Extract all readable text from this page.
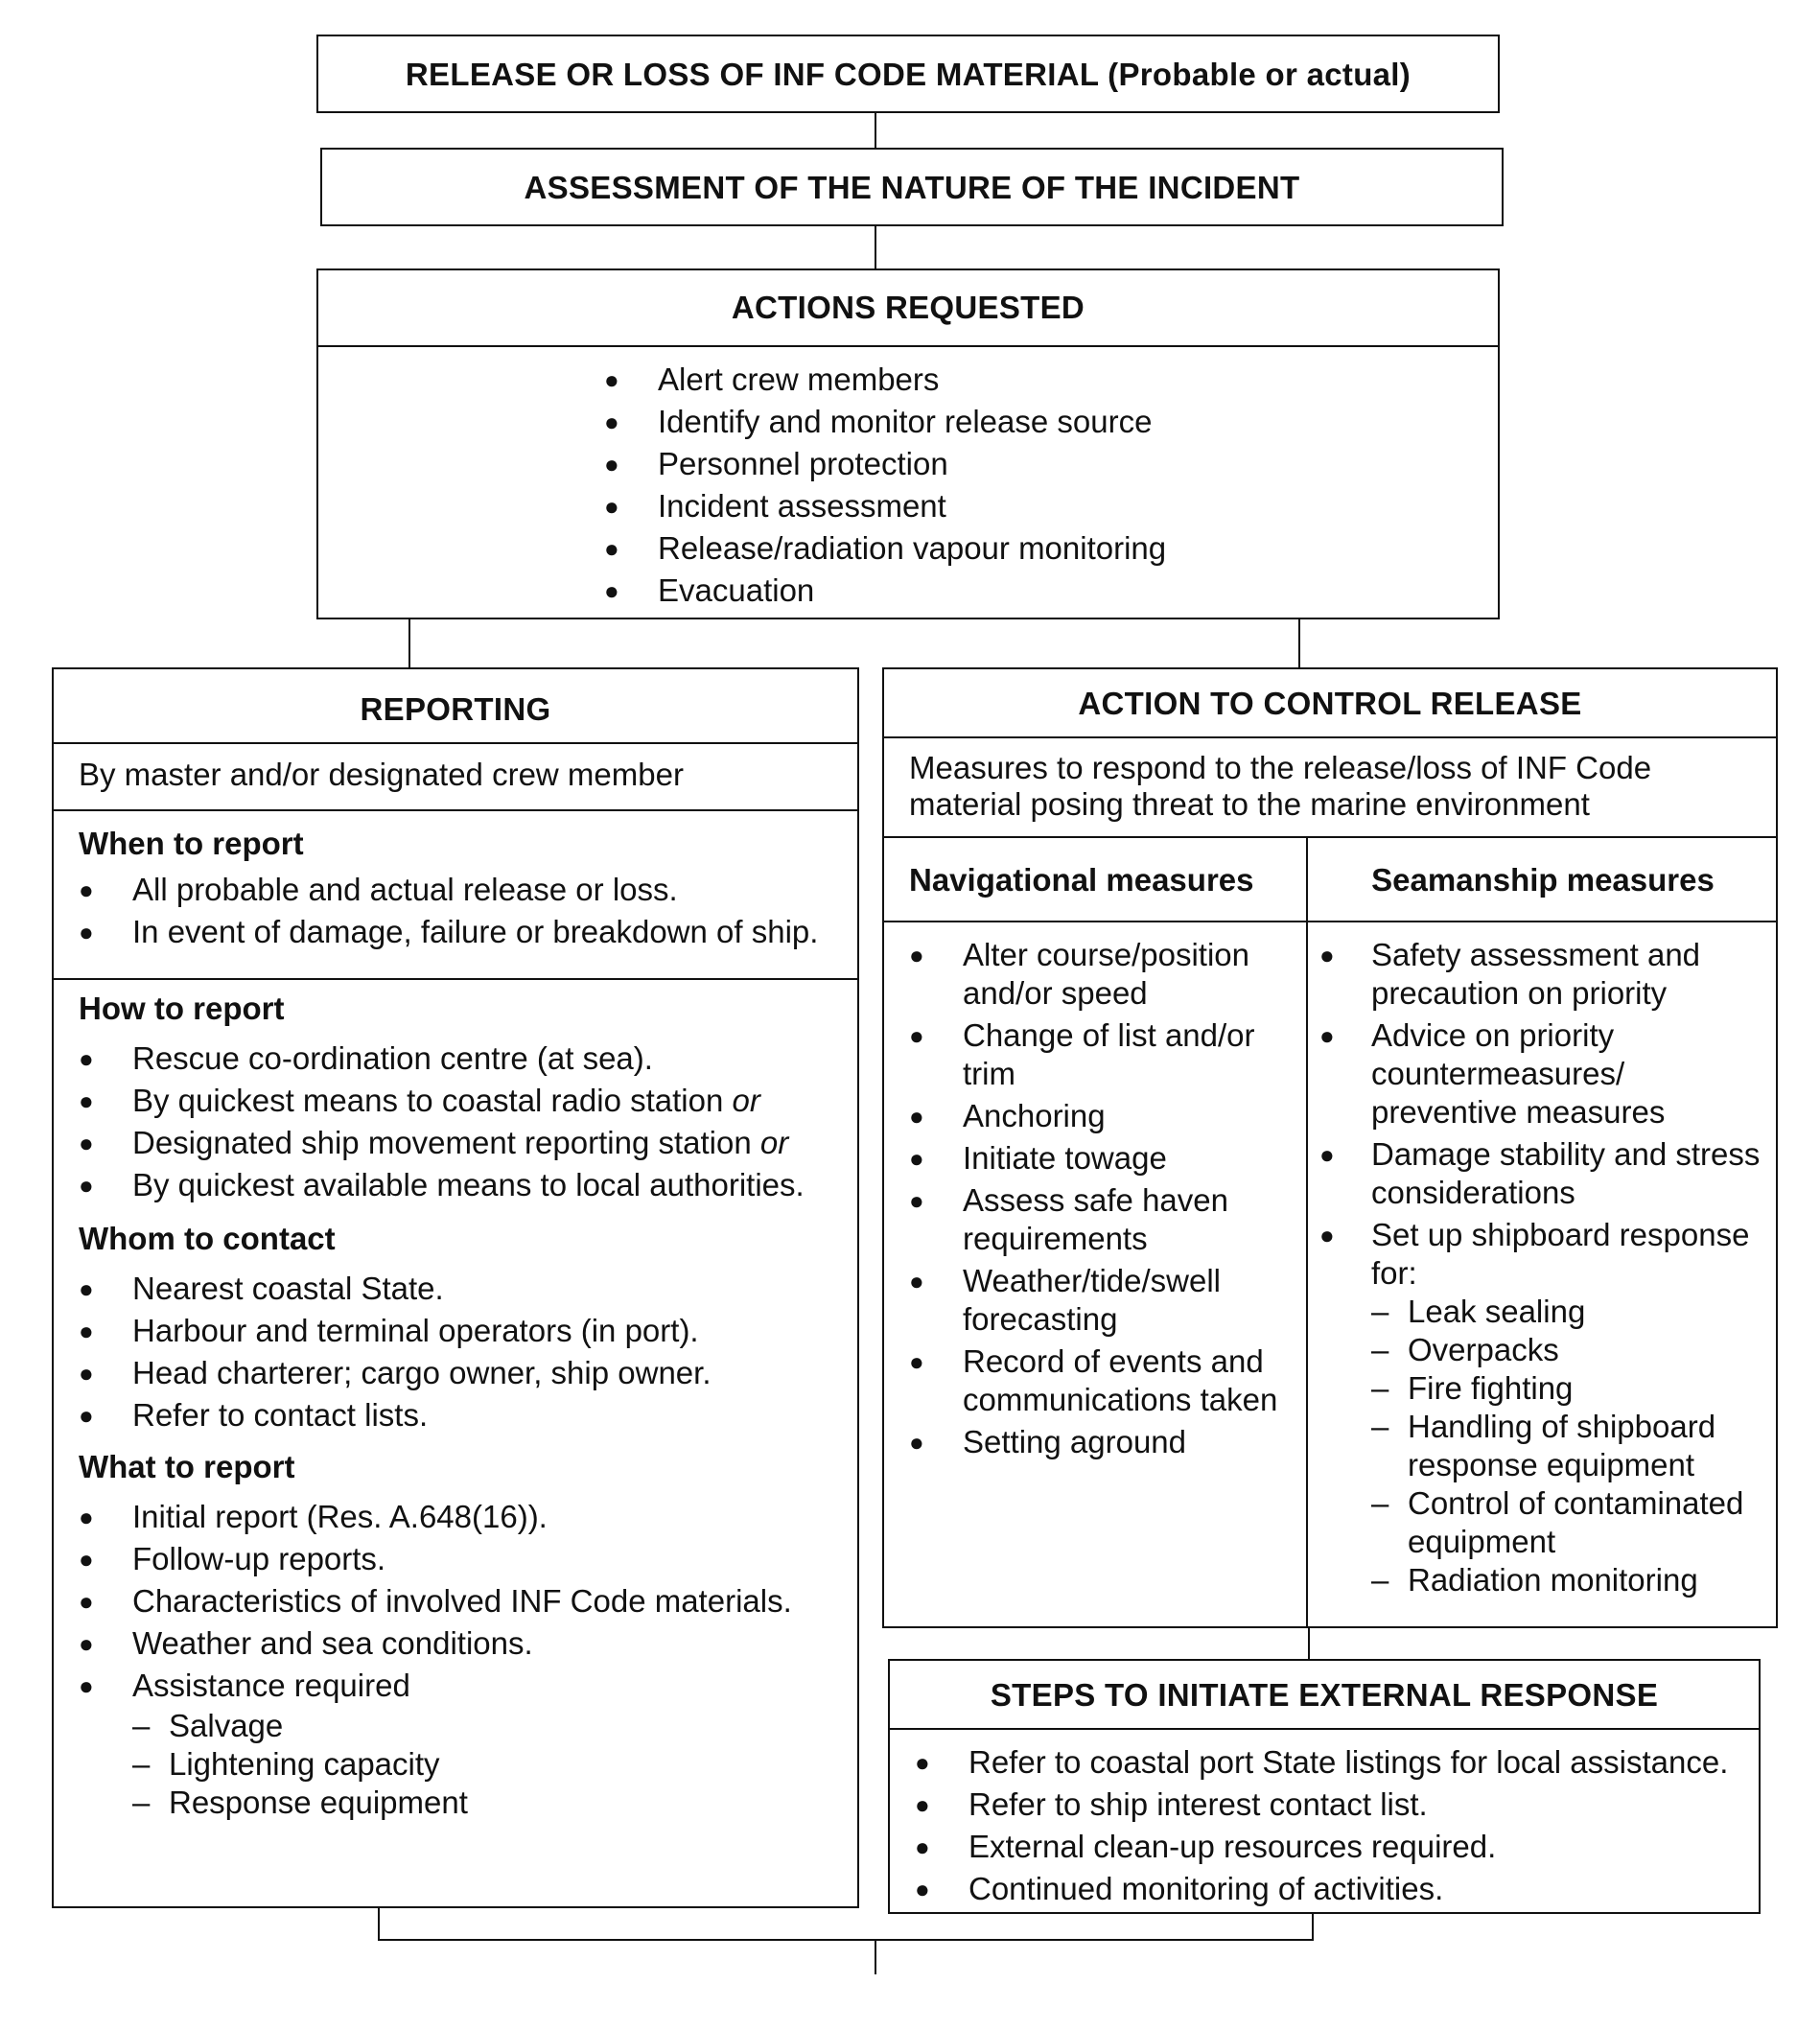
RELEASE OR LOSS OF INF CODE MATERIAL (Probable or actual)
ASSESSMENT OF THE NATURE OF THE INCIDENT
ACTIONS REQUESTED
● Alert crew members
● Identify and monitor release source
● Personnel protection
● Incident assessment
● Release/radiation vapour monitoring
● Evacuation
REPORTING
By master and/or designated crew member
When to report
● All probable and actual release or loss.
● In event of damage, failure or breakdown of ship.
How to report
● Rescue co-ordination centre (at sea).
● By quickest means to coastal radio station or
● Designated ship movement reporting station or
● By quickest available means to local authorities.
Whom to contact
● Nearest coastal State.
● Harbour and terminal operators (in port).
● Head charterer; cargo owner, ship owner.
● Refer to contact lists.
What to report
● Initial report (Res. A.648(16)).
● Follow-up reports.
● Characteristics of involved INF Code materials.
● Weather and sea conditions.
● Assistance required
– Salvage
– Lightening capacity
– Response equipment
ACTION TO CONTROL RELEASE
Measures to respond to the release/loss of INF Code material posing threat to the marine environment
Navigational measures	Seamanship measures
● Alter course/position and/or speed
● Change of list and/or trim
● Anchoring
● Initiate towage
● Assess safe haven requirements
● Weather/tide/swell forecasting
● Record of events and communications taken
● Setting aground
● Safety assessment and precaution on priority
● Advice on priority countermeasures/ preventive measures
● Damage stability and stress considerations
● Set up shipboard response for:
– Leak sealing
– Overpacks
– Fire fighting
– Handling of shipboard response equipment
– Control of contaminated equipment
– Radiation monitoring
STEPS TO INITIATE EXTERNAL RESPONSE
● Refer to coastal port State listings for local assistance.
● Refer to ship interest contact list.
● External clean-up resources required.
● Continued monitoring of activities.
